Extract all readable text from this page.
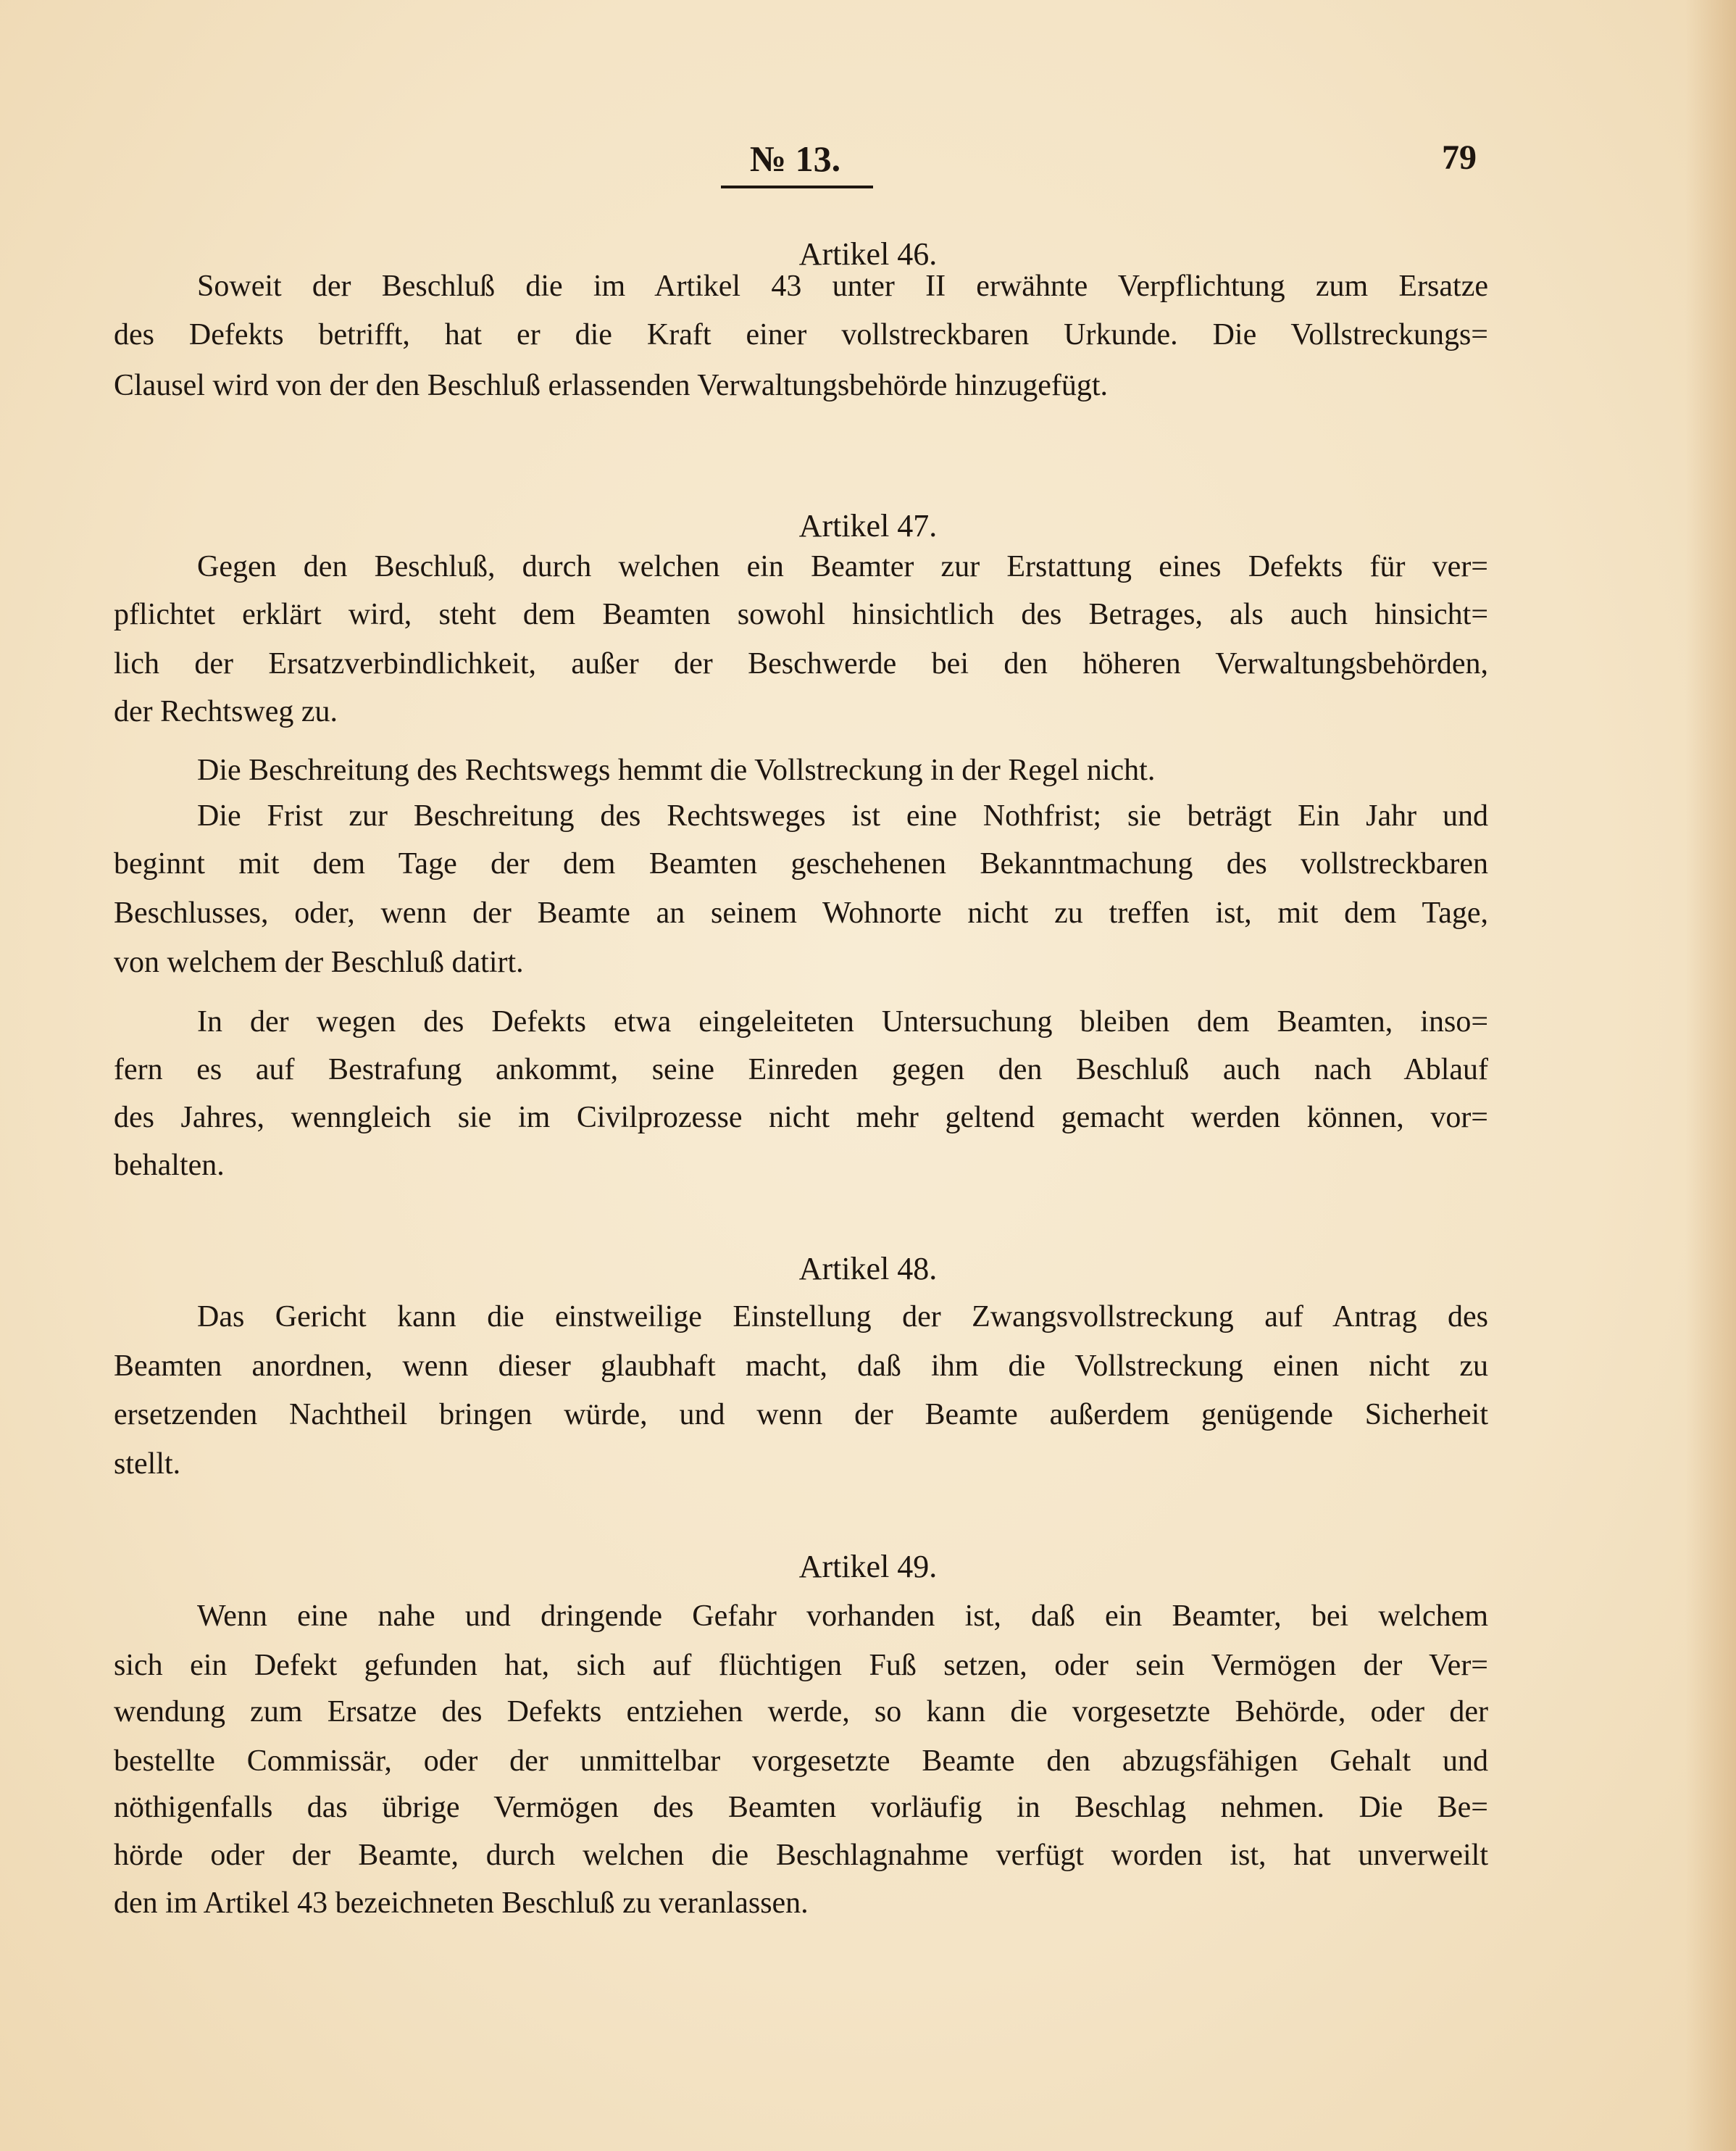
№ 13.	79
Artikel 46.
Soweit der Beschluß die im Artikel 43 unter II erwähnte Verpflichtung zum Ersatze
des Defekts betrifft, hat er die Kraft einer vollstreckbaren Urkunde. Die Vollstreckungs=
Clausel wird von der den Beschluß erlassenden Verwaltungsbehörde hinzugefügt.
Artikel 47.
Gegen den Beschluß, durch welchen ein Beamter zur Erstattung eines Defekts für ver=
pflichtet erklärt wird, steht dem Beamten sowohl hinsichtlich des Betrages, als auch hinsicht=
lich der Ersatzverbindlichkeit, außer der Beschwerde bei den höheren Verwaltungsbehörden,
der Rechtsweg zu.
Die Beschreitung des Rechtswegs hemmt die Vollstreckung in der Regel nicht.
Die Frist zur Beschreitung des Rechtsweges ist eine Nothfrist; sie beträgt Ein Jahr und
beginnt mit dem Tage der dem Beamten geschehenen Bekanntmachung des vollstreckbaren
Beschlusses, oder, wenn der Beamte an seinem Wohnorte nicht zu treffen ist, mit dem Tage,
von welchem der Beschluß datirt.
In der wegen des Defekts etwa eingeleiteten Untersuchung bleiben dem Beamten, inso=
fern es auf Bestrafung ankommt, seine Einreden gegen den Beschluß auch nach Ablauf
des Jahres, wenngleich sie im Civilprozesse nicht mehr geltend gemacht werden können, vor=
behalten.
Artikel 48.
Das Gericht kann die einstweilige Einstellung der Zwangsvollstreckung auf Antrag des
Beamten anordnen, wenn dieser glaubhaft macht, daß ihm die Vollstreckung einen nicht zu
ersetzenden Nachtheil bringen würde, und wenn der Beamte außerdem genügende Sicherheit
stellt.
Artikel 49.
Wenn eine nahe und dringende Gefahr vorhanden ist, daß ein Beamter, bei welchem
sich ein Defekt gefunden hat, sich auf flüchtigen Fuß setzen, oder sein Vermögen der Ver=
wendung zum Ersatze des Defekts entziehen werde, so kann die vorgesetzte Behörde, oder der
bestellte Commissär, oder der unmittelbar vorgesetzte Beamte den abzugsfähigen Gehalt und
nöthigenfalls das übrige Vermögen des Beamten vorläufig in Beschlag nehmen. Die Be=
hörde oder der Beamte, durch welchen die Beschlagnahme verfügt worden ist, hat unverweilt
den im Artikel 43 bezeichneten Beschluß zu veranlassen.
